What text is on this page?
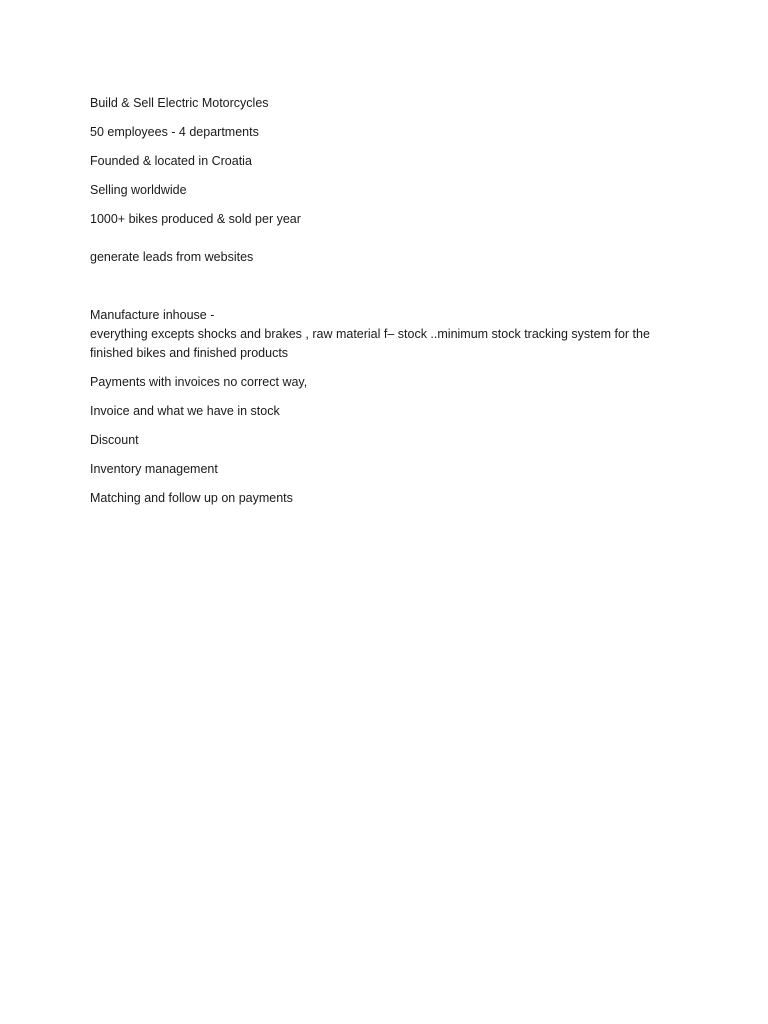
Build & Sell Electric Motorcycles

50 employees - 4 departments

Founded & located in Croatia

Selling worldwide

1000+ bikes produced & sold per year

generate leads from websites

Manufacture inhouse -

everything excepts shocks and brakes , raw material f– stock ..minimum stock tracking system for the finished bikes and finished products

Payments with invoices no correct way,

Invoice and what we have in stock

Discount

Inventory management

Matching and follow up on payments
